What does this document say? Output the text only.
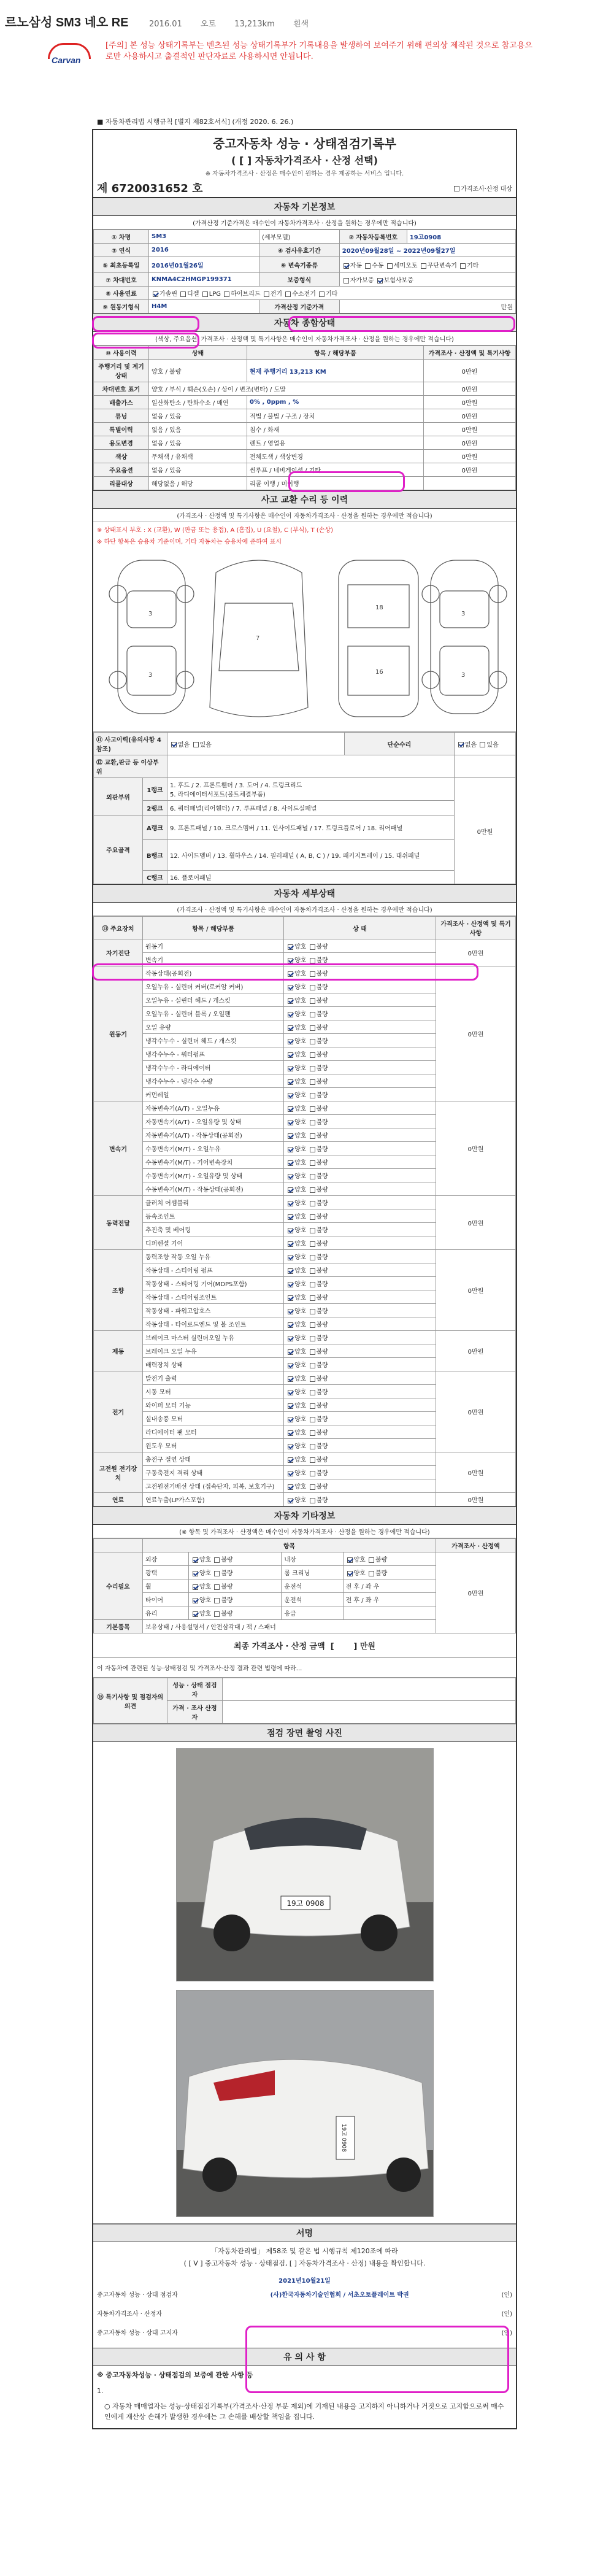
르노삼성 SM3 네오 RE	2016.01 오토 13,213km 흰색
Carvan
[주의] 본 성능 상태기록부는 벤츠된 성능 상태기록부가 기록내용을 발생하여 보여주기 위해 편의상 제작된 것으로 참고용으로만 사용하시고 출결적인 판단자료로 사용하시면 안됩니다.
■ 자동차관리법 시행규칙 [별지 제82호서식] (개정 2020. 6. 26.)
중고자동차 성능 · 상태점검기록부
( [ ] 자동차가격조사 · 산정 선택)
※ 자동차가격조사 · 산정은 매수인이 원하는 경우 제공하는 서비스 입니다.
제 6720031652 호	가격조사·산정 대상
자동차 기본정보
(가격산정 기준가격은 매수인이 자동차가격조사 · 산정을 원하는 경우에만 적습니다)
① 차명	SM3	(세부모델)	② 자동차등록번호	19고0908
③ 연식	2016	④ 검사유효기간	2020년09월28일 ~ 2022년09월27일	
⑤ 최초등록일	2016년01월26일	⑥ 변속기종류	자동 수동 세미오토 무단변속기 기타	
⑦ 차대번호	KNMA4C2HMGP199371	보증형식	자가보증 보험사보증	
⑧ 사용연료	가솔린 디젤 LPG 하이브리드 전기 수소전기 기타			
⑨ 원동기형식	H4M	가격산정 기준가격	만원	
자동차 종합상태
(색상, 주요옵션, 가격조사 · 산정액 및 특기사항은 매수인이 자동차가격조사 · 산정을 원하는 경우에만 적습니다)
⑩ 사용이력	상태	항목 / 해당부품	가격조사 · 산정액 및 특기사항
주행거리 및 계기상태	양호 / 불량	현재 주행거리 13,213 KM	0만원
차대번호 표기	양호 / 부식 / 훼손(오손) / 상이 / 변조(변타) / 도말		0만원
배출가스	일산화탄소 / 탄화수소 / 매연	0% , 0ppm , %	0만원
튜닝	없음 / 있음	적법 / 불법 / 구조 / 장치	0만원
특별이력	없음 / 있음	침수 / 화재	0만원
용도변경	없음 / 있음	렌트 / 영업용	0만원
색상	무채색 / 유채색	전체도색 / 색상변경	0만원
주요옵션	없음 / 있음	썬루프 / 네비게이션 / 기타	0만원
리콜대상	해당없음 / 해당	리콜 이행 / 미이행	
사고 교환 수리 등 이력
(가격조사 · 산정액 및 특기사항은 매수인이 자동차가격조사 · 산정을 원하는 경우에만 적습니다)
※ 상태표시 부호 : X (교환), W (판금 또는 용접), A (흠집), U (요철), C (부식), T (손상)
※ 하단 항목은 승용차 기준이며, 기타 자동차는 승용차에 준하여 표시
3
3
7
18
16
3
3
⑪ 사고이력(유의사항 4 참조)		없음 있음	단순수리	없음 있음
⑫ 교환,판금 등 이상부위				
외판부위	1랭크	1. 후드 / 2. 프론트휀더 / 3. 도어 / 4. 트렁크리드
5. 라디에이터서포트(볼트체결부품)		0만원
	2랭크	6. 쿼터패널(리어휀더) / 7. 루프패널 / 8. 사이드실패널		
주요골격	A랭크	9. 프론트패널 / 10. 크로스멤버 / 11. 인사이드패널 / 17. 트렁크플로어 / 18. 리어패널		
	B랭크	12. 사이드멤버 / 13. 휠하우스 / 14. 필러패널 ( A, B, C ) / 19. 패키지트레이 / 15. 대쉬패널		
	C랭크	16. 플로어패널		
자동차 세부상태
(가격조사 · 산정액 및 특기사항은 매수인이 자동차가격조사 · 산정을 원하는 경우에만 적습니다)
⑬ 주요장치	항목 / 해당부품	상 태	가격조사 · 산정액 및 특기사항
자기진단	원동기	양호 불량	0만원
	변속기	양호 불량	
원동기	작동상태(공회전)	양호 불량	0만원
	오일누유 - 실린더 커버(로커암 커버)	양호 불량	
	오일누유 - 실린더 헤드 / 개스킷	양호 불량	
	오일누유 - 실린더 블록 / 오일팬	양호 불량	
	오일 유량	양호 불량	
	냉각수누수 - 실린더 헤드 / 개스킷	양호 불량	
	냉각수누수 - 워터펌프	양호 불량	
	냉각수누수 - 라디에이터	양호 불량	
	냉각수누수 - 냉각수 수량	양호 불량	
	커먼레일	양호 불량	
변속기	자동변속기(A/T) - 오일누유	양호 불량	0만원
	자동변속기(A/T) - 오일유량 및 상태	양호 불량	
	자동변속기(A/T) - 작동상태(공회전)	양호 불량	
	수동변속기(M/T) - 오일누유	양호 불량	
	수동변속기(M/T) - 기어변속장치	양호 불량	
	수동변속기(M/T) - 오일유량 및 상태	양호 불량	
	수동변속기(M/T) - 작동상태(공회전)	양호 불량	
동력전달	클러치 어셈블리	양호 불량	0만원
	등속조인트	양호 불량	
	추진축 및 베어링	양호 불량	
	디퍼렌셜 기어	양호 불량	
조향	동력조향 작동 오일 누유	양호 불량	0만원
	작동상태 - 스티어링 펌프	양호 불량	
	작동상태 - 스티어링 기어(MDPS포함)	양호 불량	
	작동상태 - 스티어링조인트	양호 불량	
	작동상태 - 파워고압호스	양호 불량	
	작동상태 - 타이로드엔드 및 볼 조인트	양호 불량	
제동	브레이크 마스터 실린더오일 누유	양호 불량	0만원
	브레이크 오일 누유	양호 불량	
	배력장치 상태	양호 불량	
전기	발전기 출력	양호 불량	0만원
	시동 모터	양호 불량	
	와이퍼 모터 기능	양호 불량	
	실내송풍 모터	양호 불량	
	라디에이터 팬 모터	양호 불량	
	윈도우 모터	양호 불량	
고전원 전기장치	충전구 절연 상태	양호 불량	0만원
	구동축전지 격리 상태	양호 불량	
	고전원전기배선 상태 (접속단자, 피복, 보호기구)	양호 불량	
연료	연료누출(LP가스포함)	양호 불량	0만원
자동차 기타정보
(※ 항목 및 가격조사 · 산정액은 매수인이 자동차가격조사 · 산정을 원하는 경우에만 적습니다)
	항목				가격조사 · 산정액
수리필요	외장	양호 불량	내장	양호 불량	0만원
	광택	양호 불량	룸 크리닝	양호 불량	
	휠	양호 불량	운전석	전 후 / 좌 우	
	타이어	양호 불량	운전석	전 후 / 좌 우	
	유리	양호 불량	응급		
기본품목	보유상태 / 사용설명서 / 안전삼각대 / 잭 / 스패너				
최종 가격조사 · 산정 금액  [       ] 만원
이 자동차에 관련된 성능·상태점검 및 가격조사·산정 결과 관련 법령에 따라...
⑮ 특기사항 및 점검자의 의견	성능 · 상태 점검자	
	가격 · 조사 산정자	
점검 장면 촬영 사진
19고 0908
19고 0908
서명
「자동차관리법」 제58조 및 같은 법 시행규칙 제120조에 따라
( [ V ] 중고자동차 성능 · 상태점검, [ ] 자동차가격조사 · 산정) 내용을 확인합니다.
2021년10월21일
중고자동차 성능 · 상태 점검자	(사)한국자동차기술인협회 / 서초오토플레이트 박권	(인)
자동차가격조사 · 산정자	(인)
중고자동차 성능 · 상태 고지자	(인)
유 의 사 항
※ 중고자동차성능 · 상태점검의 보증에 관한 사항 등
1.
○ 자동차 매매업자는 성능·상태점검기록부(가격조사·산정 부분 제외)에 기재된 내용을 고지하지 아니하거나 거짓으로 고지함으로써 매수인에게 재산상 손해가 발생한 경우에는 그 손해를 배상할 책임을 집니다.
